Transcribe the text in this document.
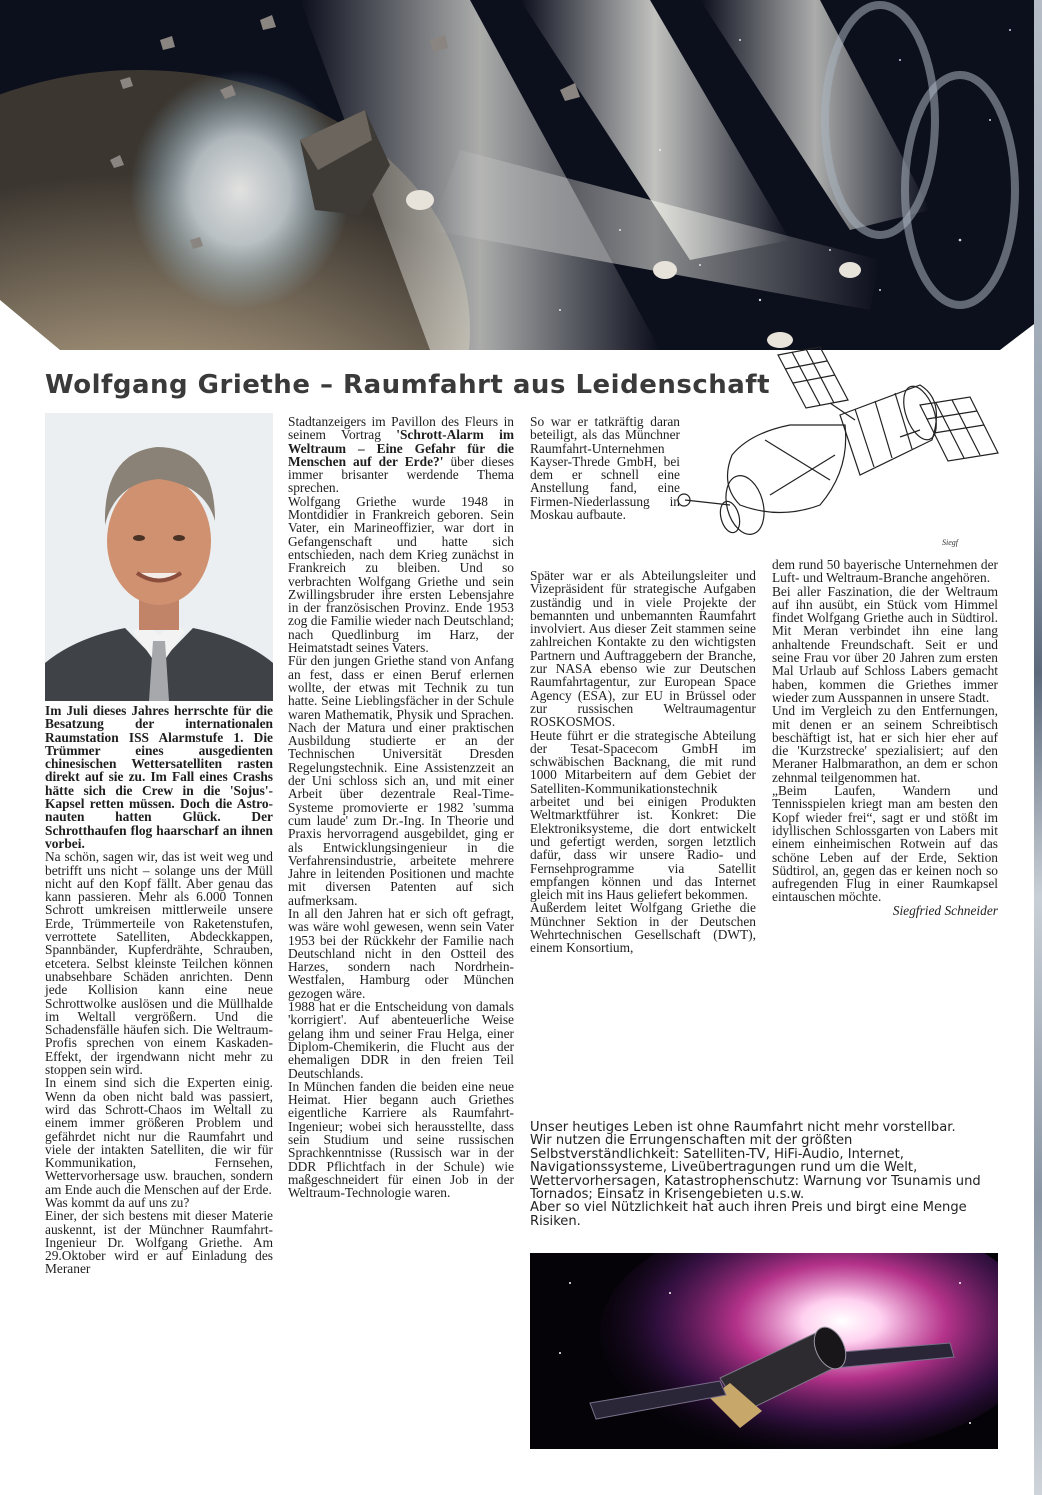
Wolfgang Griethe – Raumfahrt aus Leidenschaft

Im Juli dieses Jahres herrschte für die Besatzung der internationalen Raumstation ISS Alarmstufe 1. Die Trümmer eines ausgedienten chinesischen Wettersatelliten rasten direkt auf sie zu. Im Fall eines Crashs hätte sich die Crew in die 'Sojus'-Kapsel retten müssen. Doch die Astro-nauten hatten Glück. Der Schrotthaufen flog haarscharf an ihnen vorbei.

Na schön, sagen wir, das ist weit weg und betrifft uns nicht – solange uns der Müll nicht auf den Kopf fällt. Aber genau das kann passieren. Mehr als 6.000 Tonnen Schrott umkreisen mittlerweile unsere Erde, Trümmerteile von Raketenstufen, verrottete Satelliten, Abdeckkappen, Spannbänder, Kupferdrähte, Schrauben, etcetera. Selbst kleinste Teilchen können unabsehbare Schäden anrichten. Denn jede Kollision kann eine neue Schrottwolke auslösen und die Müllhalde im Weltall vergrößern. Und die Schadensfälle häufen sich. Die Weltraum-Profis sprechen von einem Kaskaden-Effekt, der irgendwann nicht mehr zu stoppen sein wird.

In einem sind sich die Experten einig. Wenn da oben nicht bald was passiert, wird das Schrott-Chaos im Weltall zu einem immer größeren Problem und gefährdet nicht nur die Raumfahrt und viele der intakten Satelliten, die wir für Kommunikation, Fernsehen, Wettervorhersage usw. brauchen, sondern am Ende auch die Menschen auf der Erde.

Was kommt da auf uns zu?

Einer, der sich bestens mit dieser Materie auskennt, ist der Münchner Raumfahrt-Ingenieur Dr. Wolfgang Griethe. Am 29.Oktober wird er auf Einladung des Meraner

Stadtanzeigers im Pavillon des Fleurs in seinem Vortrag 'Schrott-Alarm im Weltraum – Eine Gefahr für die Menschen auf der Erde?' über dieses immer brisanter werdende Thema sprechen.

Wolfgang Griethe wurde 1948 in Montdidier in Frankreich geboren. Sein Vater, ein Marineoffizier, war dort in Gefangenschaft und hatte sich entschieden, nach dem Krieg zunächst in Frankreich zu bleiben. Und so verbrachten Wolfgang Griethe und sein Zwillingsbruder ihre ersten Lebensjahre in der französischen Provinz. Ende 1953 zog die Familie wieder nach Deutschland; nach Quedlinburg im Harz, der Heimatstadt seines Vaters.

Für den jungen Griethe stand von Anfang an fest, dass er einen Beruf erlernen wollte, der etwas mit Technik zu tun hatte. Seine Lieblingsfächer in der Schule waren Mathematik, Physik und Sprachen. Nach der Matura und einer praktischen Ausbildung studierte er an der Technischen Universität Dresden Regelungstechnik. Eine Assistenzzeit an der Uni schloss sich an, und mit einer Arbeit über dezentrale Real-Time-Systeme promovierte er 1982 'summa cum laude' zum Dr.-Ing. In Theorie und Praxis hervorragend ausgebildet, ging er als Entwicklungsingenieur in die Verfahrensindustrie, arbeitete mehrere Jahre in leitenden Positionen und machte mit diversen Patenten auf sich aufmerksam.

In all den Jahren hat er sich oft gefragt, was wäre wohl gewesen, wenn sein Vater 1953 bei der Rückkehr der Familie nach Deutschland nicht in den Ostteil des Harzes, sondern nach Nordrhein-Westfalen, Hamburg oder München gezogen wäre.

1988 hat er die Entscheidung von damals 'korrigiert'. Auf abenteuerliche Weise gelang ihm und seiner Frau Helga, einer Diplom-Chemikerin, die Flucht aus der ehemaligen DDR in den freien Teil Deutschlands.

In München fanden die beiden eine neue Heimat. Hier begann auch Griethes eigentliche Karriere als Raumfahrt-Ingenieur; wobei sich herausstellte, dass sein Studium und seine russischen Sprachkenntnisse (Russisch war in der DDR Pflichtfach in der Schule) wie maßgeschneidert für einen Job in der Weltraum-Technologie waren.

So war er tatkräftig daran beteiligt, als das Münchner Raumfahrt-Unternehmen Kayser-Threde GmbH, bei dem er schnell eine Anstellung fand, eine Firmen-Niederlassung in Moskau aufbaute.

Später war er als Abteilungsleiter und Vizepräsident für strategische Aufgaben zuständig und in viele Projekte der bemannten und unbemannten Raumfahrt involviert. Aus dieser Zeit stammen seine zahlreichen Kontakte zu den wichtigsten Partnern und Auftraggebern der Branche, zur NASA ebenso wie zur Deutschen Raumfahrtagentur, zur European Space Agency (ESA), zur EU in Brüssel oder zur russischen Weltraumagentur ROSKOSMOS.

Heute führt er die strategische Abteilung der Tesat-Spacecom GmbH im schwäbischen Backnang, die mit rund 1000 Mitarbeitern auf dem Gebiet der Satelliten-Kommunikationstechnik arbeitet und bei einigen Produkten Weltmarktführer ist. Konkret: Die Elektroniksysteme, die dort entwickelt und gefertigt werden, sorgen letztlich dafür, dass wir unsere Radio- und Fernsehprogramme via Satellit empfangen können und das Internet gleich mit ins Haus geliefert bekommen.

Außerdem leitet Wolfgang Griethe die Münchner Sektion in der Deutschen Wehrtechnischen Gesellschaft (DWT), einem Konsortium,

Siegf

dem rund 50 bayerische Unternehmen der Luft- und Weltraum-Branche angehören.

Bei aller Faszination, die der Weltraum auf ihn ausübt, ein Stück vom Himmel findet Wolfgang Griethe auch in Südtirol. Mit Meran verbindet ihn eine lang anhaltende Freundschaft. Seit er und seine Frau vor über 20 Jahren zum ersten Mal Urlaub auf Schloss Labers gemacht haben, kommen die Griethes immer wieder zum Ausspannen in unsere Stadt.

Und im Vergleich zu den Entfernungen, mit denen er an seinem Schreibtisch beschäftigt ist, hat er sich hier eher auf die 'Kurzstrecke' spezialisiert; auf den Meraner Halbmarathon, an dem er schon zehnmal teilgenommen hat.

„Beim Laufen, Wandern und Tennisspielen kriegt man am besten den Kopf wieder frei“, sagt er und stößt im idyllischen Schlossgarten von Labers mit einem einheimischen Rotwein auf das schöne Leben auf der Erde, Sektion Südtirol, an, gegen das er keinen noch so aufregenden Flug in einer Raumkapsel eintauschen möchte.

Siegfried Schneider

Unser heutiges Leben ist ohne Raumfahrt nicht mehr vorstellbar.

Wir nutzen die Errungenschaften mit der größten Selbstverständlichkeit: Satelliten-TV, HiFi-Audio, Internet, Navigationssysteme, Liveübertragungen rund um die Welt, Wettervorhersagen, Katastrophenschutz: Warnung vor Tsunamis und Tornados; Einsatz in Krisengebieten u.s.w.

Aber so viel Nützlichkeit hat auch ihren Preis und birgt eine Menge Risiken.
